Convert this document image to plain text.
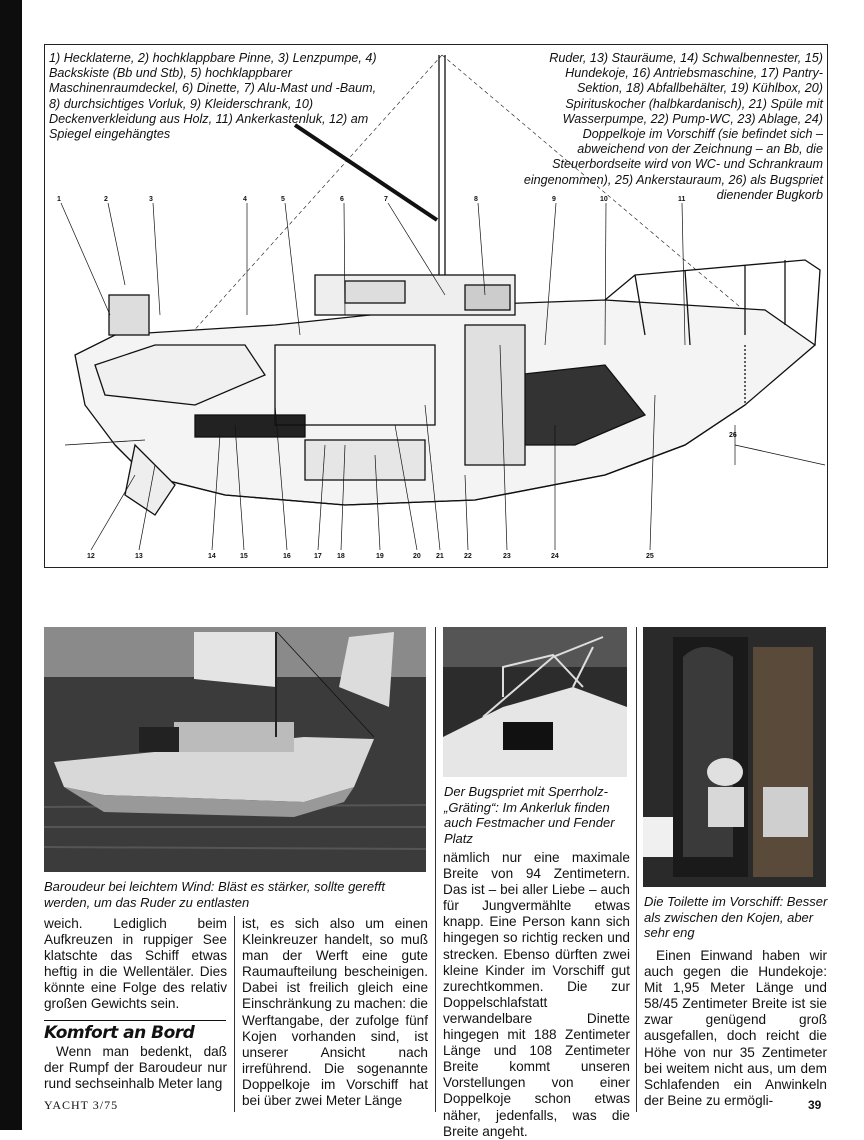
1	2	3	4	5	6	7	8	9	10	11
12	13	14	15	16	17 18	19	20 21	22	23	24	25
26
1) Hecklaterne, 2) hochklappbare Pinne, 3) Lenzpumpe, 4) Backskiste (Bb und Stb), 5) hochklappbarer Maschinenraumdeckel, 6) Dinette, 7) Alu-Mast und -Baum, 8) durchsichtiges Vorluk, 9) Kleiderschrank, 10) Deckenverkleidung aus Holz, 11) Ankerkastenluk, 12) am Spiegel eingehängtes
Ruder, 13) Stauräume, 14) Schwalbennester, 15) Hundekoje, 16) Antriebsmaschine, 17) Pantry-Sektion, 18) Abfallbehälter, 19) Kühlbox, 20) Spirituskocher (halbkardanisch), 21) Spüle mit Wasserpumpe, 22) Pump-WC, 23) Ablage, 24) Doppelkoje im Vorschiff (sie befindet sich – abweichend von der Zeichnung – an Bb, die Steuerbordseite wird von WC- und Schrankraum eingenommen), 25) Ankerstauraum, 26) als Bugspriet dienender Bugkorb
Baroudeur bei leichtem Wind: Bläst es stärker, sollte gerefft werden, um das Ruder zu entlasten
Der Bugspriet mit Sperrholz-„Gräting“: Im Ankerluk finden auch Festmacher und Fender Platz
Die Toilette im Vorschiff: Besser als zwischen den Kojen, aber sehr eng

weich. Lediglich beim Aufkreuzen in ruppiger See klatschte das Schiff etwas heftig in die Wellentäler. Dies könnte eine Folge des relativ großen Gewichts sein.

Komfort an Bord

Wenn man bedenkt, daß der Rumpf der Baroudeur nur rund sechseinhalb Meter lang

ist, es sich also um einen Kleinkreuzer handelt, so muß man der Werft eine gute Raumaufteilung bescheinigen. Dabei ist freilich gleich eine Einschränkung zu machen: die Werftangabe, der zufolge fünf Kojen vorhanden sind, ist unserer Ansicht nach irreführend. Die sogenannte Doppelkoje im Vorschiff hat bei über zwei Meter Länge

nämlich nur eine maximale Breite von 94 Zentimetern. Das ist – bei aller Liebe – auch für Jungvermählte etwas knapp. Eine Person kann sich hingegen so richtig recken und strecken. Ebenso dürften zwei kleine Kinder im Vorschiff gut zurechtkommen. Die zur Doppelschlafstatt verwandelbare Dinette hingegen mit 188 Zentimeter Länge und 108 Zentimeter Breite kommt unseren Vorstellungen von einer Doppelkoje schon etwas näher, jedenfalls, was die Breite angeht.

Einen Einwand haben wir auch gegen die Hundekoje: Mit 1,95 Meter Länge und 58/45 Zentimeter Breite ist sie zwar genügend groß ausgefallen, doch reicht die Höhe von nur 35 Zentimeter bei weitem nicht aus, um dem Schlafenden ein Anwinkeln der Beine zu ermögli-

YACHT 3/75	39
